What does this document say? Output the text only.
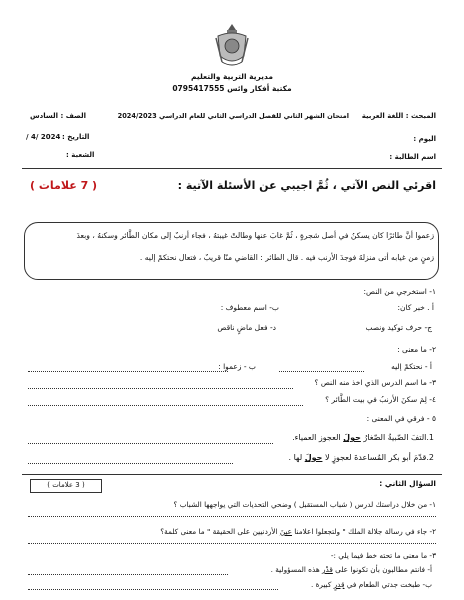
مديرية التربية والتعليم
مكتبة أفكار وائس 0795417555
المبحث : اللغة العربية
امتحان الشهر الثاني للفصل الدراسي الثاني للعام الدراسي 2024/2023
الصف : السادس
اليوم :
التاريخ :
/ 4/ 2024
اسم الطالبة :
الشعبة :
اقرئي النص الآتي ، ثُمَّ اجيبي عن الأسئلة الآتية :
( 7 علامات )
زعموا أنَّ طائرًا كان يسكنُ في أصل شجرةٍ ، ثُمَّ غابَ عنها وطالتْ غيبتهُ ، فجاء أرنبٌ إلى مكان الطَّائر وسكنهُ ، وبعدَ
زمنٍ من غيابه أتى منزلهُ فوجدَ الأرنب فيه . قال الطائر : القاضي منّا قريبٌ ، فتعال نحتكمْ إليه .
١- استخرجي من النص:
أ . خبر كان:
ب- اسم معطوف :
ج- حرف توكيد ونصب
د- فعل ماضٍ ناقص
٢- ما معنى :
أ - نحتكمْ إليه
ب - زعموا :
٣- ما اسم الدرس الذي اخذ منه النص ؟
٤- لِمَ سكنَ الأرنبُ في بيت الطَّائر ؟
٥ - فرقي في المعنى :
1.التفَ الصّبيةُ الصّغارُ حولَ العجوز العمياء.
2.قدّمَ أبو بكر المُساعدةَ لعجوزٍ لا حولَ لها .
السؤال الثاني :
( 3 علامات )
١- من خلال دراستك لدرس ( شباب المستقبل ) وضحي التحديات التي يواجهها الشباب ؟
٢- جاء في رسالة جلالة الملك " ولتجعلوا اعلامنا عينَ الأردنيين على الحقيقة " ما معنى كلمة؟
٣- ما معنى ما تحته خط فيما يلي :-
أ- فانتم مطالبون بأن تكونوا على قدْر هذه المسؤولية .
ب- طبخت جدتي الطعام في قِدرٍ كبيرة .
